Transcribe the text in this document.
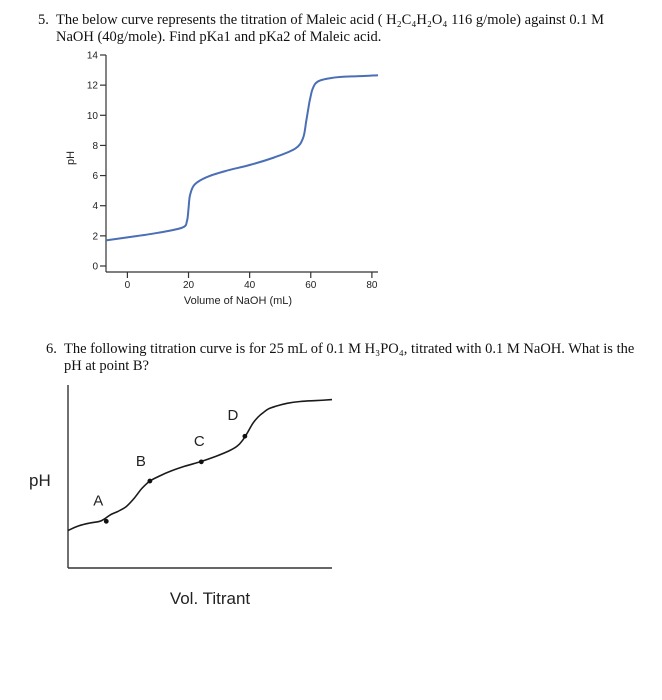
5. The below curve represents the titration of Maleic acid ( H₂C₄H₂O₄ 116 g/mole) against 0.1 M
NaOH (40g/mole). Find pKa1 and pKa2 of Maleic acid.
6. The following titration curve is for 25 mL of 0.1 M H₃PO₄, titrated with 0.1 M NaOH. What is the
pH at point B?
0
2
4
6
8
10
12
14
0	20	40	60	80
Volume of NaOH (mL)
pH
Vol. Titrant
pH
A
B
C
D
